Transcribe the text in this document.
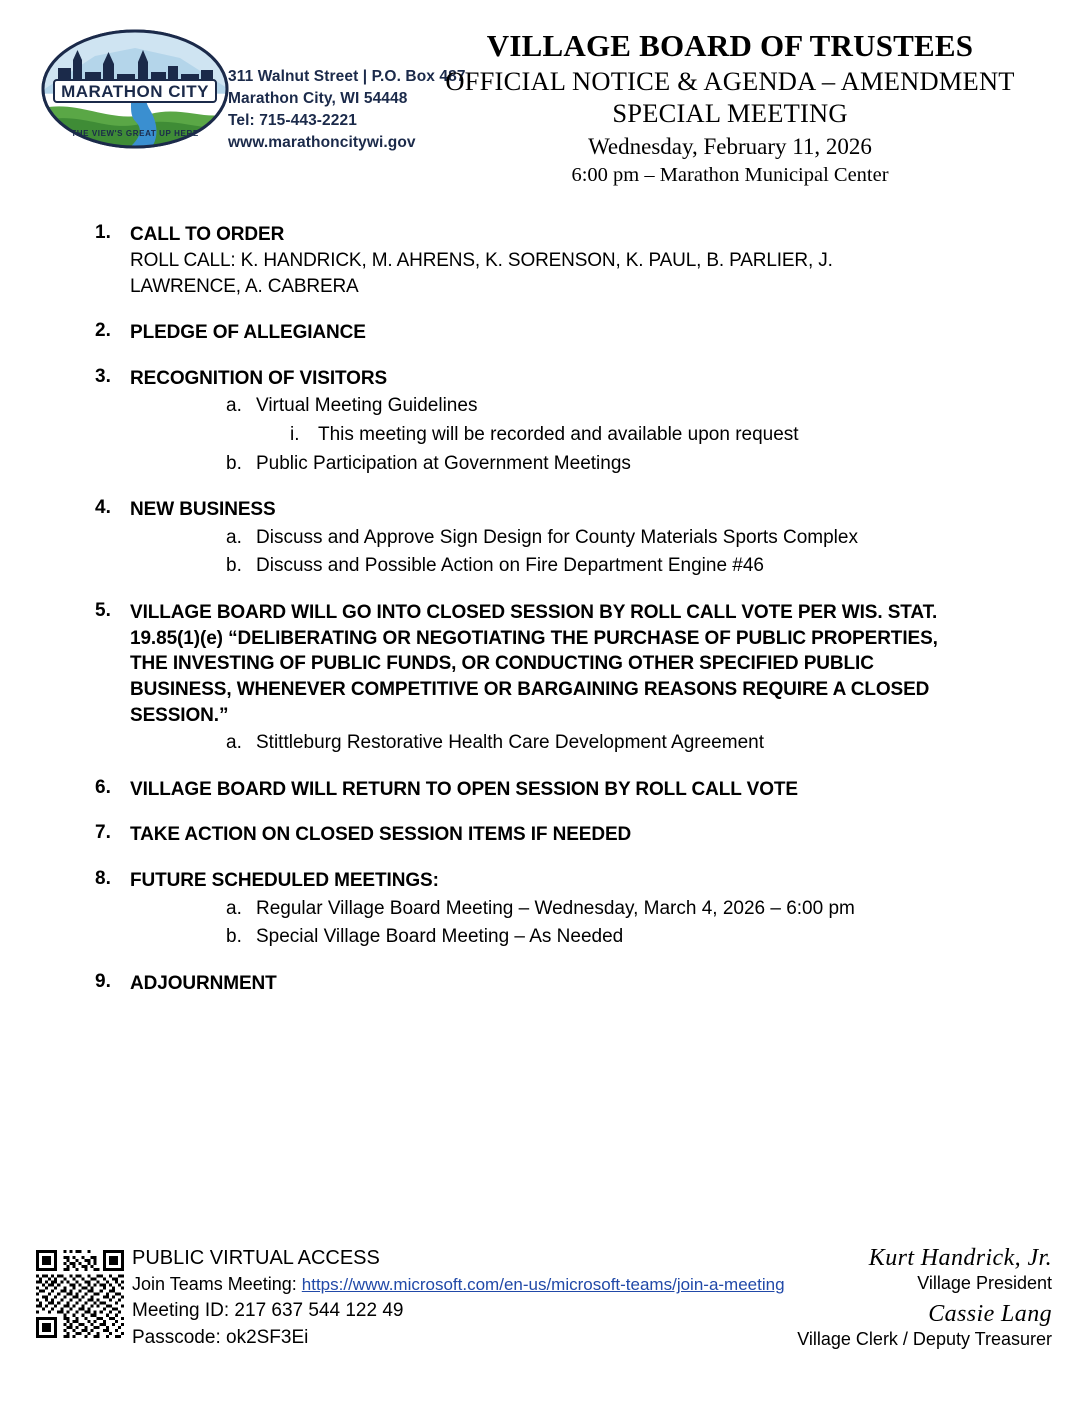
MARATHON CITY
THE VIEW'S GREAT UP HERE
311 Walnut Street | P.O. Box 487
Marathon City, WI 54448
Tel: 715-443-2221
www.marathoncitywi.gov
VILLAGE BOARD OF TRUSTEES
OFFICIAL NOTICE & AGENDA – AMENDMENT
SPECIAL MEETING
Wednesday, February 11, 2026
6:00 pm – Marathon Municipal Center
1. CALL TO ORDER
ROLL CALL: K. HANDRICK, M. AHRENS, K. SORENSON, K. PAUL, B. PARLIER, J. LAWRENCE, A. CABRERA
2. PLEDGE OF ALLEGIANCE
3. RECOGNITION OF VISITORS
a. Virtual Meeting Guidelines
i. This meeting will be recorded and available upon request
b. Public Participation at Government Meetings
4. NEW BUSINESS
a. Discuss and Approve Sign Design for County Materials Sports Complex
b. Discuss and Possible Action on Fire Department Engine #46
5. VILLAGE BOARD WILL GO INTO CLOSED SESSION BY ROLL CALL VOTE PER WIS. STAT. 19.85(1)(e) “DELIBERATING OR NEGOTIATING THE PURCHASE OF PUBLIC PROPERTIES, THE INVESTING OF PUBLIC FUNDS, OR CONDUCTING OTHER SPECIFIED PUBLIC BUSINESS, WHENEVER COMPETITIVE OR BARGAINING REASONS REQUIRE A CLOSED SESSION.”
a. Stittleburg Restorative Health Care Development Agreement
6. VILLAGE BOARD WILL RETURN TO OPEN SESSION BY ROLL CALL VOTE
7. TAKE ACTION ON CLOSED SESSION ITEMS IF NEEDED
8. FUTURE SCHEDULED MEETINGS:
a. Regular Village Board Meeting – Wednesday, March 4, 2026 – 6:00 pm
b. Special Village Board Meeting – As Needed
9. ADJOURNMENT
PUBLIC VIRTUAL ACCESS
Join Teams Meeting: https://www.microsoft.com/en-us/microsoft-teams/join-a-meeting
Meeting ID: 217 637 544 122 49
Passcode: ok2SF3Ei
Kurt Handrick, Jr.
Village President
Cassie Lang
Village Clerk / Deputy Treasurer
